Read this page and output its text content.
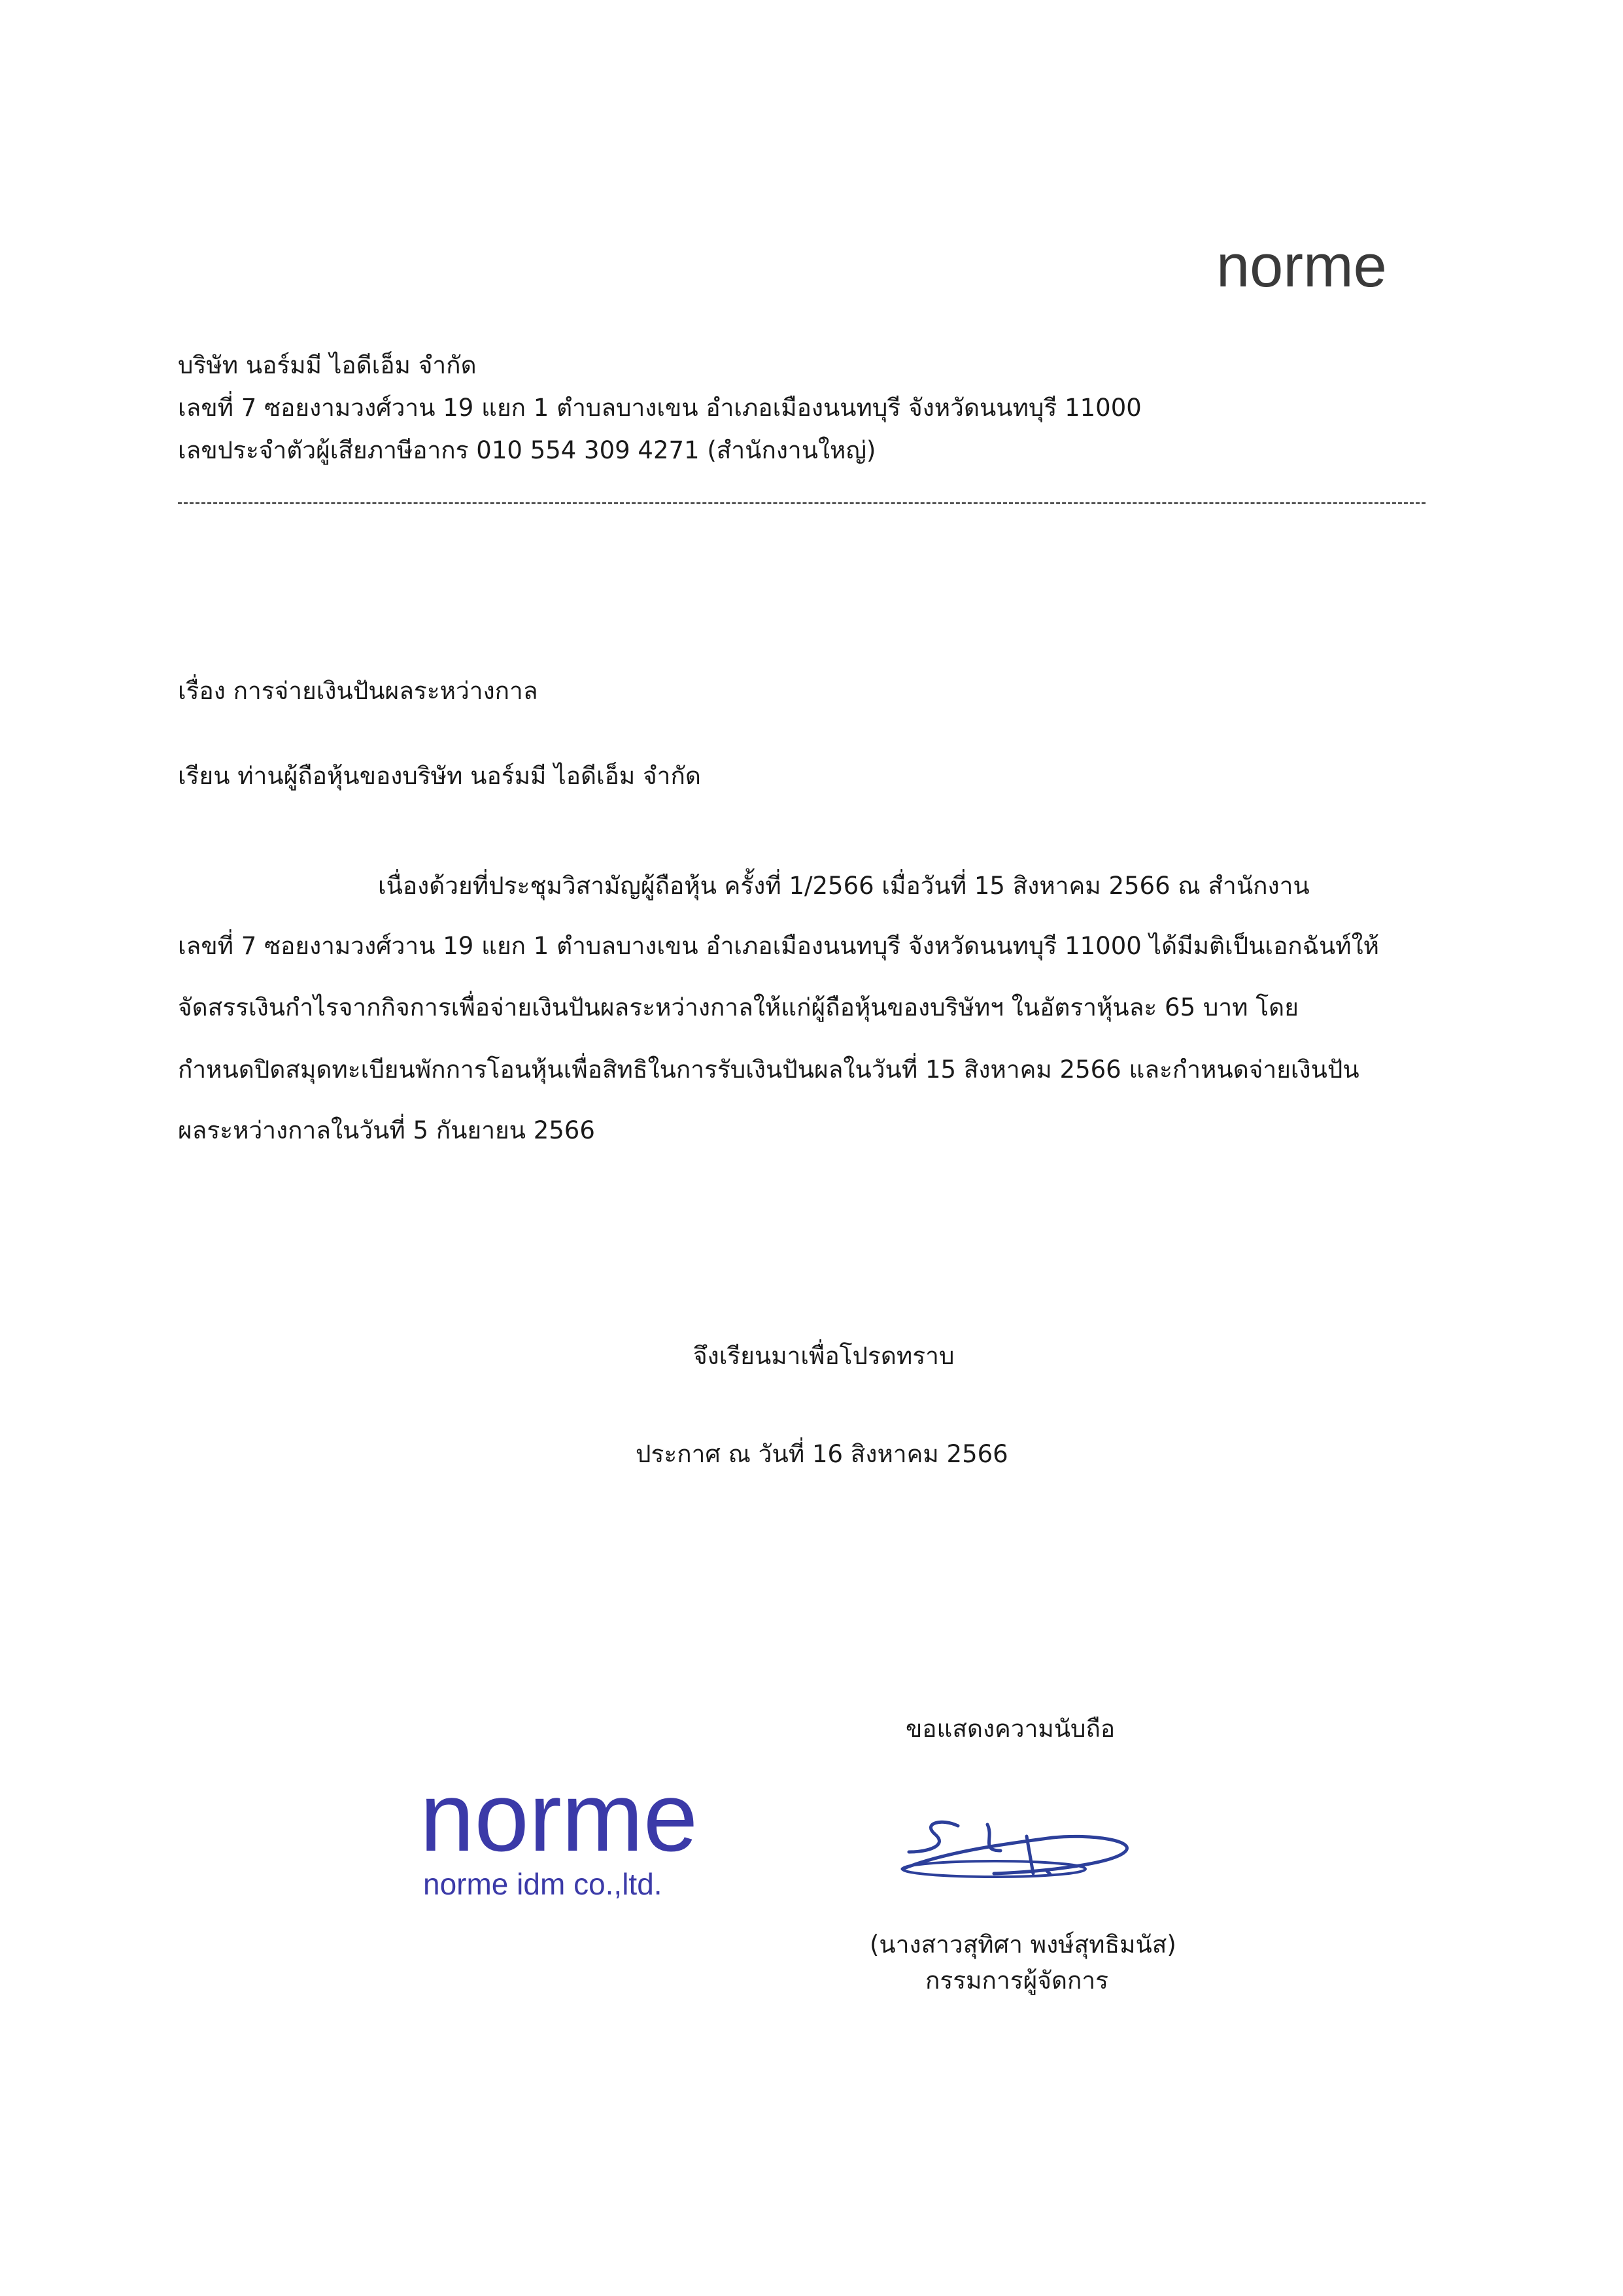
norme
บริษัท นอร์มมี ไอดีเอ็ม จำกัด
เลขที่ 7 ซอยงามวงศ์วาน 19 แยก 1 ตำบลบางเขน อำเภอเมืองนนทบุรี จังหวัดนนทบุรี 11000
เลขประจำตัวผู้เสียภาษีอากร 010 554 309 4271 (สำนักงานใหญ่)
เรื่อง การจ่ายเงินปันผลระหว่างกาล
เรียน ท่านผู้ถือหุ้นของบริษัท นอร์มมี ไอดีเอ็ม จำกัด
เนื่องด้วยที่ประชุมวิสามัญผู้ถือหุ้น ครั้งที่ 1/2566 เมื่อวันที่ 15 สิงหาคม 2566 ณ สำนักงาน
เลขที่ 7 ซอยงามวงศ์วาน 19 แยก 1 ตำบลบางเขน อำเภอเมืองนนทบุรี จังหวัดนนทบุรี 11000 ได้มีมติเป็นเอกฉันท์ให้
จัดสรรเงินกำไรจากกิจการเพื่อจ่ายเงินปันผลระหว่างกาลให้แก่ผู้ถือหุ้นของบริษัทฯ ในอัตราหุ้นละ 65 บาท โดย
กำหนดปิดสมุดทะเบียนพักการโอนหุ้นเพื่อสิทธิในการรับเงินปันผลในวันที่ 15 สิงหาคม 2566 และกำหนดจ่ายเงินปัน
ผลระหว่างกาลในวันที่ 5 กันยายน 2566
จึงเรียนมาเพื่อโปรดทราบ
ประกาศ ณ วันที่ 16 สิงหาคม 2566
ขอแสดงความนับถือ
norme
norme idm co.,ltd.
(นางสาวสุทิศา พงษ์สุทธิมนัส)
กรรมการผู้จัดการ
